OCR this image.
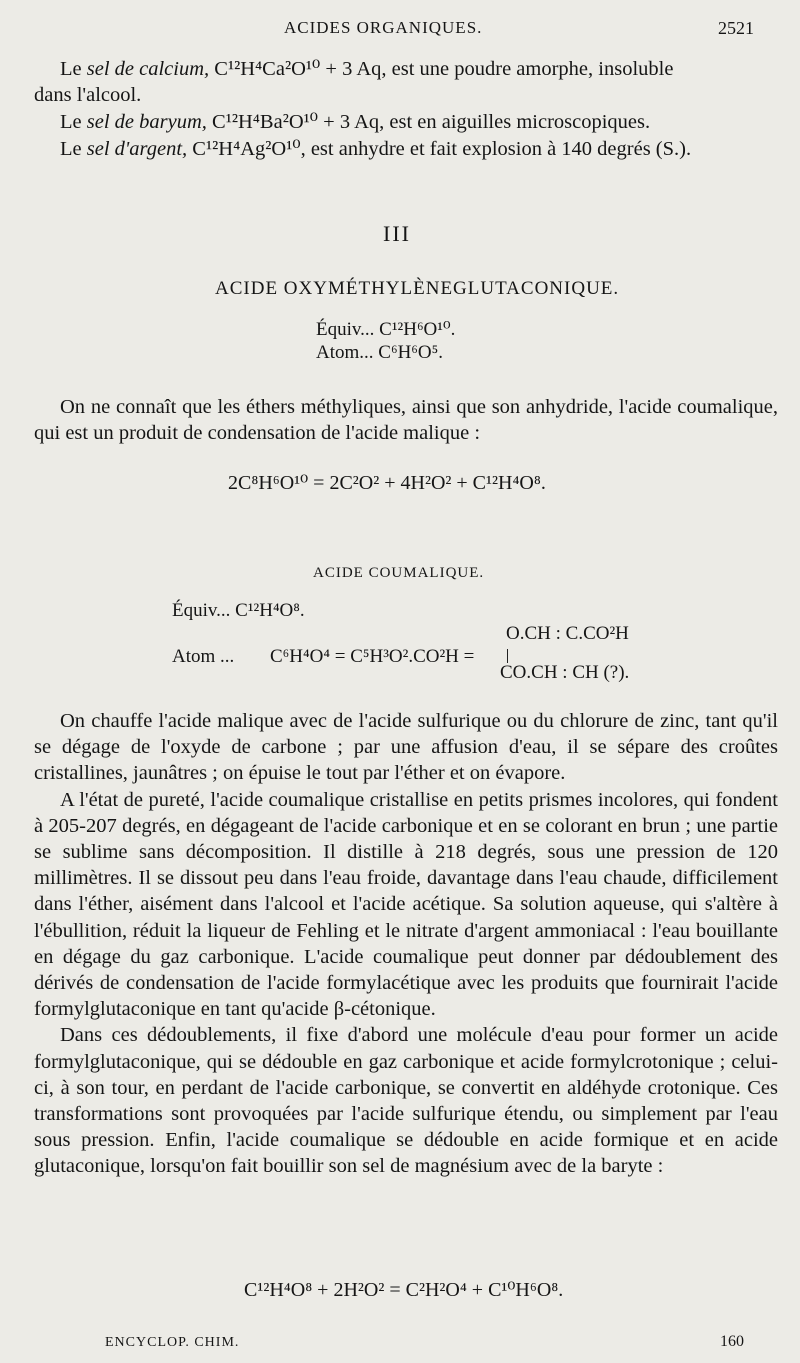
ACIDES ORGANIQUES.	2521
Le sel de calcium, C¹²H⁴Ca²O¹⁰ + 3 Aq, est une poudre amorphe, insoluble
dans l'alcool.
Le sel de baryum, C¹²H⁴Ba²O¹⁰ + 3 Aq, est en aiguilles microscopiques.
Le sel d'argent, C¹²H⁴Ag²O¹⁰, est anhydre et fait explosion à 140 degrés (S.).
III
ACIDE OXYMÉTHYLÈNEGLUTACONIQUE.
Équiv... C¹²H⁶O¹⁰.
Atom... C⁶H⁶O⁵.

On ne connaît que les éthers méthyliques, ainsi que son anhydride, l'acide coumalique, qui est un produit de condensation de l'acide malique :

2C⁸H⁶O¹⁰ = 2C²O² + 4H²O² + C¹²H⁴O⁸.
ACIDE COUMALIQUE.
Équiv... C¹²H⁴O⁸.
O.CH : C.CO²H
Atom ... C⁶H⁴O⁴ = C⁵H³O².CO²H =
CO.CH : CH (?).

On chauffe l'acide malique avec de l'acide sulfurique ou du chlorure de zinc, tant qu'il se dégage de l'oxyde de carbone ; par une affusion d'eau, il se sépare des croûtes cristallines, jaunâtres ; on épuise le tout par l'éther et on évapore.

A l'état de pureté, l'acide coumalique cristallise en petits prismes incolores, qui fondent à 205-207 degrés, en dégageant de l'acide carbonique et en se colorant en brun ; une partie se sublime sans décomposition. Il distille à 218 degrés, sous une pression de 120 millimètres. Il se dissout peu dans l'eau froide, davantage dans l'eau chaude, difficilement dans l'éther, aisément dans l'alcool et l'acide acétique. Sa solution aqueuse, qui s'altère à l'ébullition, réduit la liqueur de Fehling et le nitrate d'argent ammoniacal : l'eau bouillante en dégage du gaz carbonique. L'acide coumalique peut donner par dédoublement des dérivés de condensation de l'acide formylacétique avec les produits que fournirait l'acide formylglutaconique en tant qu'acide β-cétonique.

Dans ces dédoublements, il fixe d'abord une molécule d'eau pour former un acide formylglutaconique, qui se dédouble en gaz carbonique et acide formylcrotonique ; celui-ci, à son tour, en perdant de l'acide carbonique, se convertit en aldéhyde crotonique. Ces transformations sont provoquées par l'acide sulfurique étendu, ou simplement par l'eau sous pression. Enfin, l'acide coumalique se dédouble en acide formique et en acide glutaconique, lorsqu'on fait bouillir son sel de magnésium avec de la baryte :

C¹²H⁴O⁸ + 2H²O² = C²H²O⁴ + C¹⁰H⁶O⁸.
ENCYCLOP. CHIM.	160
